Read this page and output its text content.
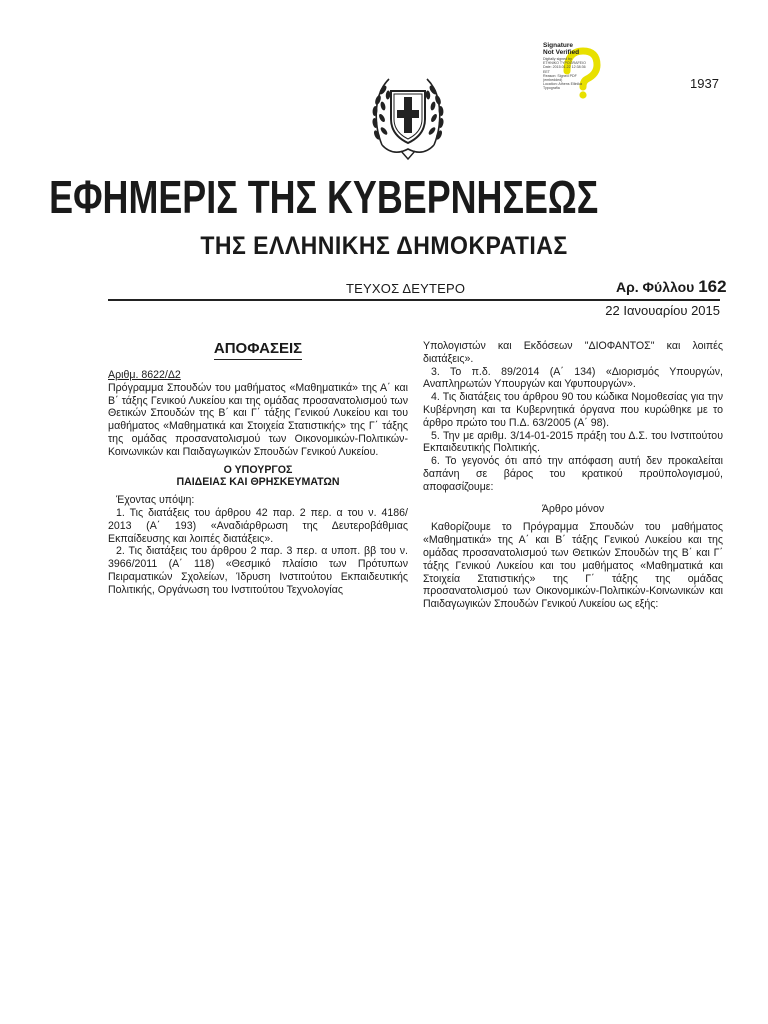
Signature Not Verified
Digitally signed by
ETHNIKO TYPOGRAFEIO
Date: 2015.01.22 12:38:36
EET
Reason: Signed PDF
(embedded)
Location: Athens Ellinika
Typografia	1937
ΕΦΗΜΕΡΙΣ ΤΗΣ ΚΥΒΕΡΝΗΣΕΩΣ
ΤΗΣ ΕΛΛΗΝΙΚΗΣ ΔΗΜΟΚΡΑΤΙΑΣ
ΤΕΥΧΟΣ ΔΕΥΤΕΡΟ	Αρ. Φύλλου 162
22 Ιανουαρίου 2015
ΑΠΟΦΑΣΕΙΣ
Αριθμ. 8622/Δ2
Πρόγραμμα Σπουδών του μαθήματος «Μαθηματικά» της Α΄ και Β΄ τάξης Γενικού Λυκείου και της ομάδας προσανατολισμού των Θετικών Σπουδών της Β΄ και Γ΄ τάξης Γενικού Λυκείου και του μαθήματος «Μαθηματικά και Στοιχεία Στατιστικής» της Γ΄ τάξης της ομάδας προσανατολισμού των Οικονομικών-Πολιτικών-Κοινωνικών και Παιδαγωγικών Σπουδών Γενικού Λυκείου.
Ο ΥΠΟΥΡΓΟΣ
ΠΑΙΔΕΙΑΣ ΚΑΙ ΘΡΗΣΚΕΥΜΑΤΩΝ
Έχοντας υπόψη:
1. Τις διατάξεις του άρθρου 42 παρ. 2 περ. α του ν. 4186/ 2013 (Α΄ 193) «Αναδιάρθρωση της Δευτεροβάθμιας Εκπαίδευσης και λοιπές διατάξεις».
2. Τις διατάξεις του άρθρου 2 παρ. 3 περ. α υποπ. ββ του ν. 3966/2011 (Α΄ 118) «Θεσμικό πλαίσιο των Πρότυπων Πειραματικών Σχολείων, Ίδρυση Ινστιτούτου Εκπαιδευτικής Πολιτικής, Οργάνωση του Ινστιτούτου Τεχνολογίας
Υπολογιστών και Εκδόσεων "ΔΙΟΦΑΝΤΟΣ" και λοιπές διατάξεις».
3. Το π.δ. 89/2014 (Α΄ 134) «Διορισμός Υπουργών, Αναπληρωτών Υπουργών και Υφυπουργών».
4. Τις διατάξεις του άρθρου 90 του κώδικα Νομοθεσίας για την Κυβέρνηση και τα Κυβερνητικά όργανα που κυρώθηκε με το άρθρο πρώτο του Π.Δ. 63/2005 (Α΄ 98).
5. Την με αριθμ. 3/14-01-2015 πράξη του Δ.Σ. του Ινστιτούτου Εκπαιδευτικής Πολιτικής.
6. Το γεγονός ότι από την απόφαση αυτή δεν προκαλείται δαπάνη σε βάρος του κρατικού προϋπολογισμού, αποφασίζουμε:
Άρθρο μόνον
Καθορίζουμε το Πρόγραμμα Σπουδών του μαθήματος «Μαθηματικά» της Α΄ και Β΄ τάξης Γενικού Λυκείου και της ομάδας προσανατολισμού των Θετικών Σπουδών της Β΄ και Γ΄ τάξης Γενικού Λυκείου και του μαθήματος «Μαθηματικά και Στοιχεία Στατιστικής» της Γ΄ τάξης της ομάδας προσανατολισμού των Οικονομικών-Πολιτικών-Κοινωνικών και Παιδαγωγικών Σπουδών Γενικού Λυκείου ως εξής:
